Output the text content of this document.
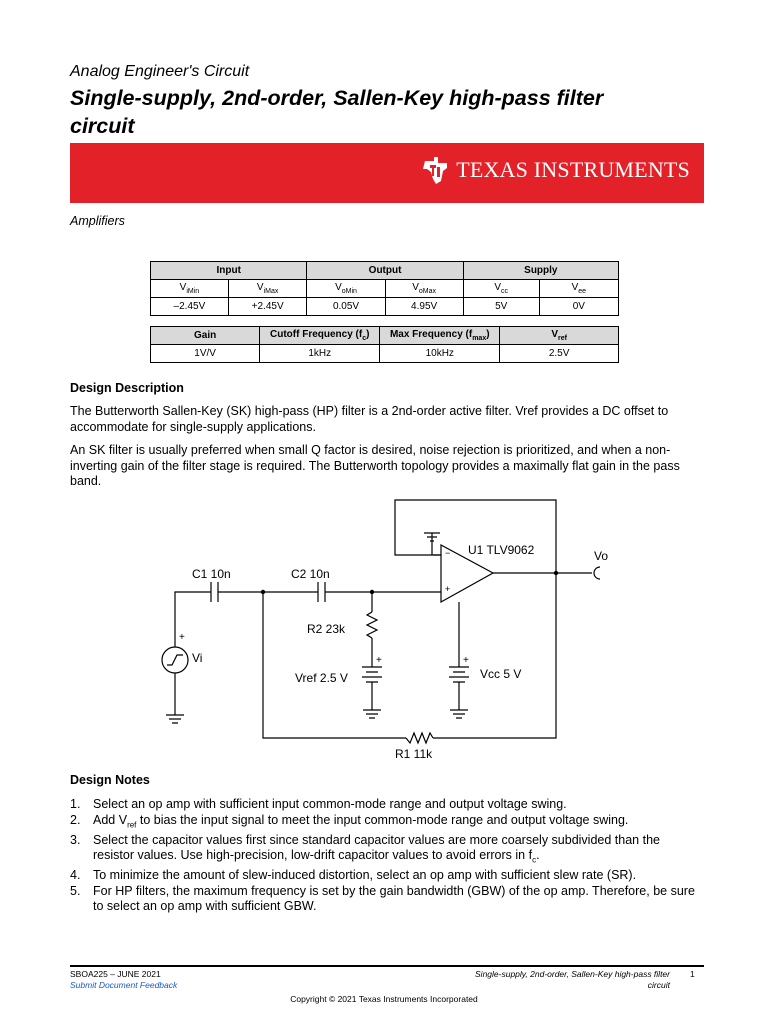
Analog Engineer's Circuit
Single-supply, 2nd-order, Sallen-Key high-pass filter circuit
TEXAS INSTRUMENTS
Amplifiers
Input		Output		Supply	
$V_{iMin}$	$V_{iMax}$	$V_{oMin}$	$V_{oMax}$	$V_{cc}$	$V_{ee}$
–2.45V	+2.45V	0.05V	4.95V	5V	0V
Gain	Cutoff Frequency $(f_c)$	Max Frequency $(f_{max})$	$V_{ref}$
1V/V	1kHz	10kHz	2.5V
Design Description

The Butterworth Sallen-Key (SK) high-pass (HP) filter is a 2nd-order active filter. Vref provides a DC offset to accommodate for single-supply applications.

An SK filter is usually preferred when small Q factor is desired, noise rejection is prioritized, and when a non-inverting gain of the filter stage is required. The Butterworth topology provides a maximally flat gain in the pass band.

C1 10n	C2 10n
R2 23k
R1 11k
U1 TLV9062
Vref 2.5 V	Vcc 5 V
Vi
Vo
+
+	+
−
+
Design Notes
1. Select an op amp with sufficient input common-mode range and output voltage swing.
2. Add $V_{ref}$ to bias the input signal to meet the input common-mode range and output voltage swing.
3. Select the capacitor values first since standard capacitor values are more coarsely subdivided than the resistor values. Use high-precision, low-drift capacitor values to avoid errors in $f_c$.
4. To minimize the amount of slew-induced distortion, select an op amp with sufficient slew rate (SR).
5. For HP filters, the maximum frequency is set by the gain bandwidth (GBW) of the op amp. Therefore, be sure to select an op amp with sufficient GBW.
SBOA225 – JUNE 2021
Submit Document Feedback
Single-supply, 2nd-order, Sallen-Key high-pass filter circuit
1
Copyright © 2021 Texas Instruments Incorporated
